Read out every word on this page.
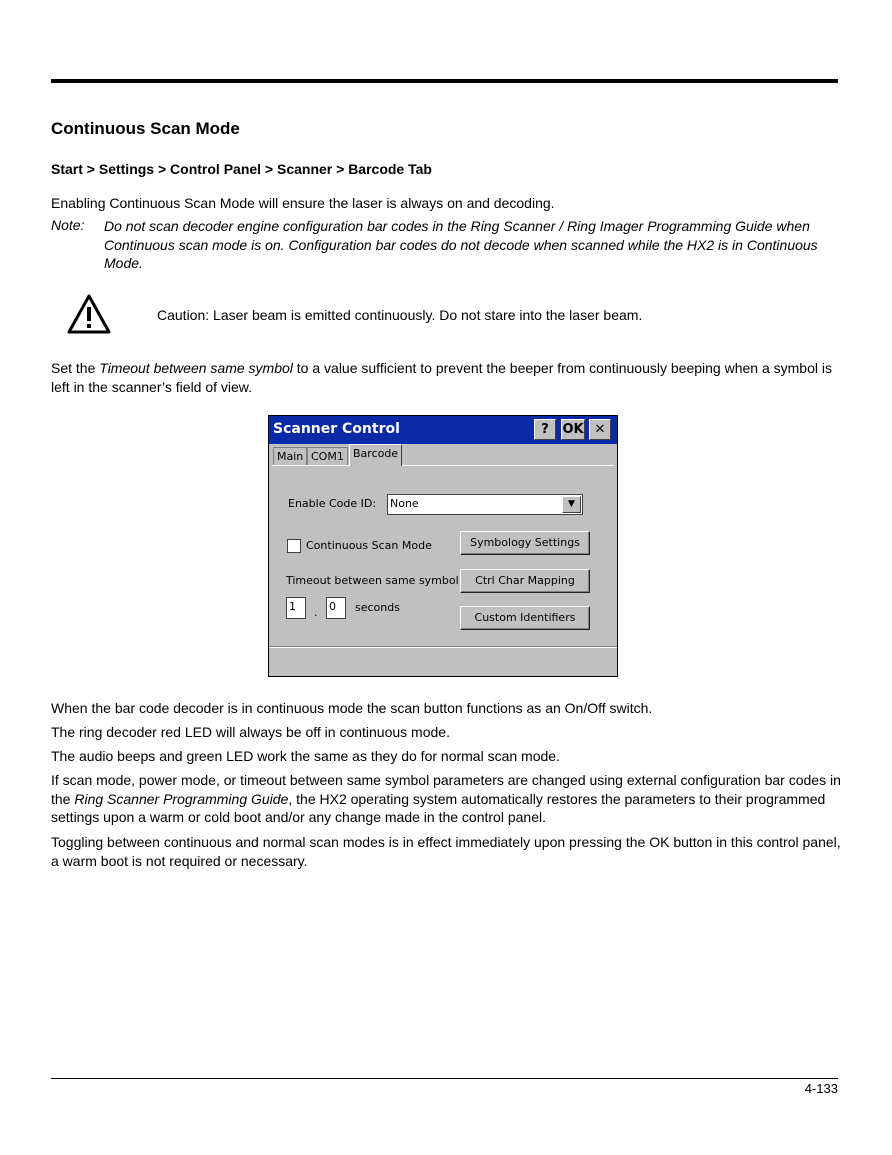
Continuous Scan Mode
Start > Settings > Control Panel > Scanner > Barcode Tab

Enabling Continuous Scan Mode will ensure the laser is always on and decoding.

Note: Do not scan decoder engine configuration bar codes in the Ring Scanner / Ring Imager Programming Guide when Continuous scan mode is on. Configuration bar codes do not decode when scanned while the HX2 is in Continuous Mode.
Caution: Laser beam is emitted continuously. Do not stare into the laser beam.

Set the Timeout between same symbol to a value sufficient to prevent the beeper from continuously beeping when a symbol is left in the scanner’s field of view.

Scanner Control	?	OK ✕
Main COM1 Barcode
Enable Code ID: None	▼
Continuous Scan Mode
Timeout between same symbol
1	. 0	seconds
Symbology Settings
Ctrl Char Mapping
Custom Identifiers

When the bar code decoder is in continuous mode the scan button functions as an On/Off switch.

The ring decoder red LED will always be off in continuous mode.

The audio beeps and green LED work the same as they do for normal scan mode.

If scan mode, power mode, or timeout between same symbol parameters are changed using external configuration bar codes in the Ring Scanner Programming Guide, the HX2 operating system automatically restores the parameters to their programmed settings upon a warm or cold boot and/or any change made in the control panel.

Toggling between continuous and normal scan modes is in effect immediately upon pressing the OK button in this control panel, a warm boot is not required or necessary.

4-133
